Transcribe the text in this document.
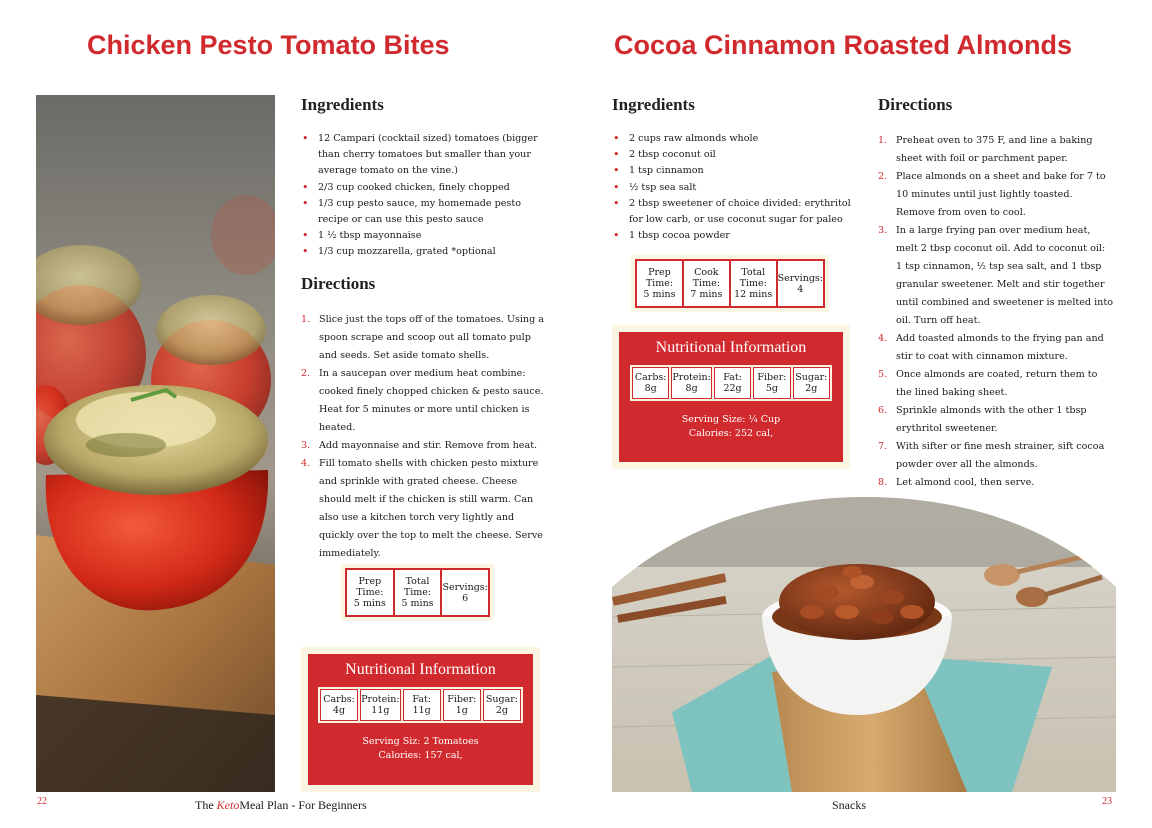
Chicken Pesto Tomato Bites
Ingredients
• 12 Campari (cocktail sized) tomatoes (bigger than cherry tomatoes but smaller than your average tomato on the vine.)
• 2/3 cup cooked chicken, finely chopped
• 1/3 cup pesto sauce, my homemade pesto recipe or can use this pesto sauce
• 1 ½ tbsp mayonnaise
• 1/3 cup mozzarella, grated *optional
Directions
1. Slice just the tops off of the tomatoes. Using a spoon scrape and scoop out all tomato pulp and seeds. Set aside tomato shells.
2. In a saucepan over medium heat combine: cooked finely chopped chicken & pesto sauce. Heat for 5 minutes or more until chicken is heated.
3. Add mayonnaise and stir. Remove from heat.
4. Fill tomato shells with chicken pesto mixture and sprinkle with grated cheese. Cheese should melt if the chicken is still warm. Can also use a kitchen torch very lightly and quickly over the top to melt the cheese. Serve immediately.
Prep Time:
5 mins
Total Time:
5 mins
Servings:
6
Nutritional Information
Carbs:
4g
Protein:
11g
Fat:
11g
Fiber:
1g
Sugar:
2g
Serving Siz: 2 Tomatoes
Calories: 157 cal,
22	The KetoMeal Plan - For Beginners
Cocoa Cinnamon Roasted Almonds
Ingredients
• 2 cups raw almonds whole
• 2 tbsp coconut oil
• 1 tsp cinnamon
• ½ tsp sea salt
• 2 tbsp sweetener of choice divided: erythritol for low carb, or use coconut sugar for paleo
• 1 tbsp cocoa powder
Prep Time:
5 mins
Cook Time:
7 mins
Total Time:
12 mins
Servings:
4
Nutritional Information
Carbs:
8g
Protein:
8g
Fat:
22g
Fiber:
5g
Sugar:
2g
Serving Size: ¼ Cup
Calories: 252 cal,
Directions
1. Preheat oven to 375 F, and line a baking sheet with foil or parchment paper.
2. Place almonds on a sheet and bake for 7 to 10 minutes until just lightly toasted. Remove from oven to cool.
3. In a large frying pan over medium heat, melt 2 tbsp coconut oil. Add to coconut oil: 1 tsp cinnamon, ½ tsp sea salt, and 1 tbsp granular sweetener. Melt and stir together until combined and sweetener is melted into oil. Turn off heat.
4. Add toasted almonds to the frying pan and stir to coat with cinnamon mixture.
5. Once almonds are coated, return them to the lined baking sheet.
6. Sprinkle almonds with the other 1 tbsp erythritol sweetener.
7. With sifter or fine mesh strainer, sift cocoa powder over all the almonds.
8. Let almond cool, then serve.
Snacks	23
